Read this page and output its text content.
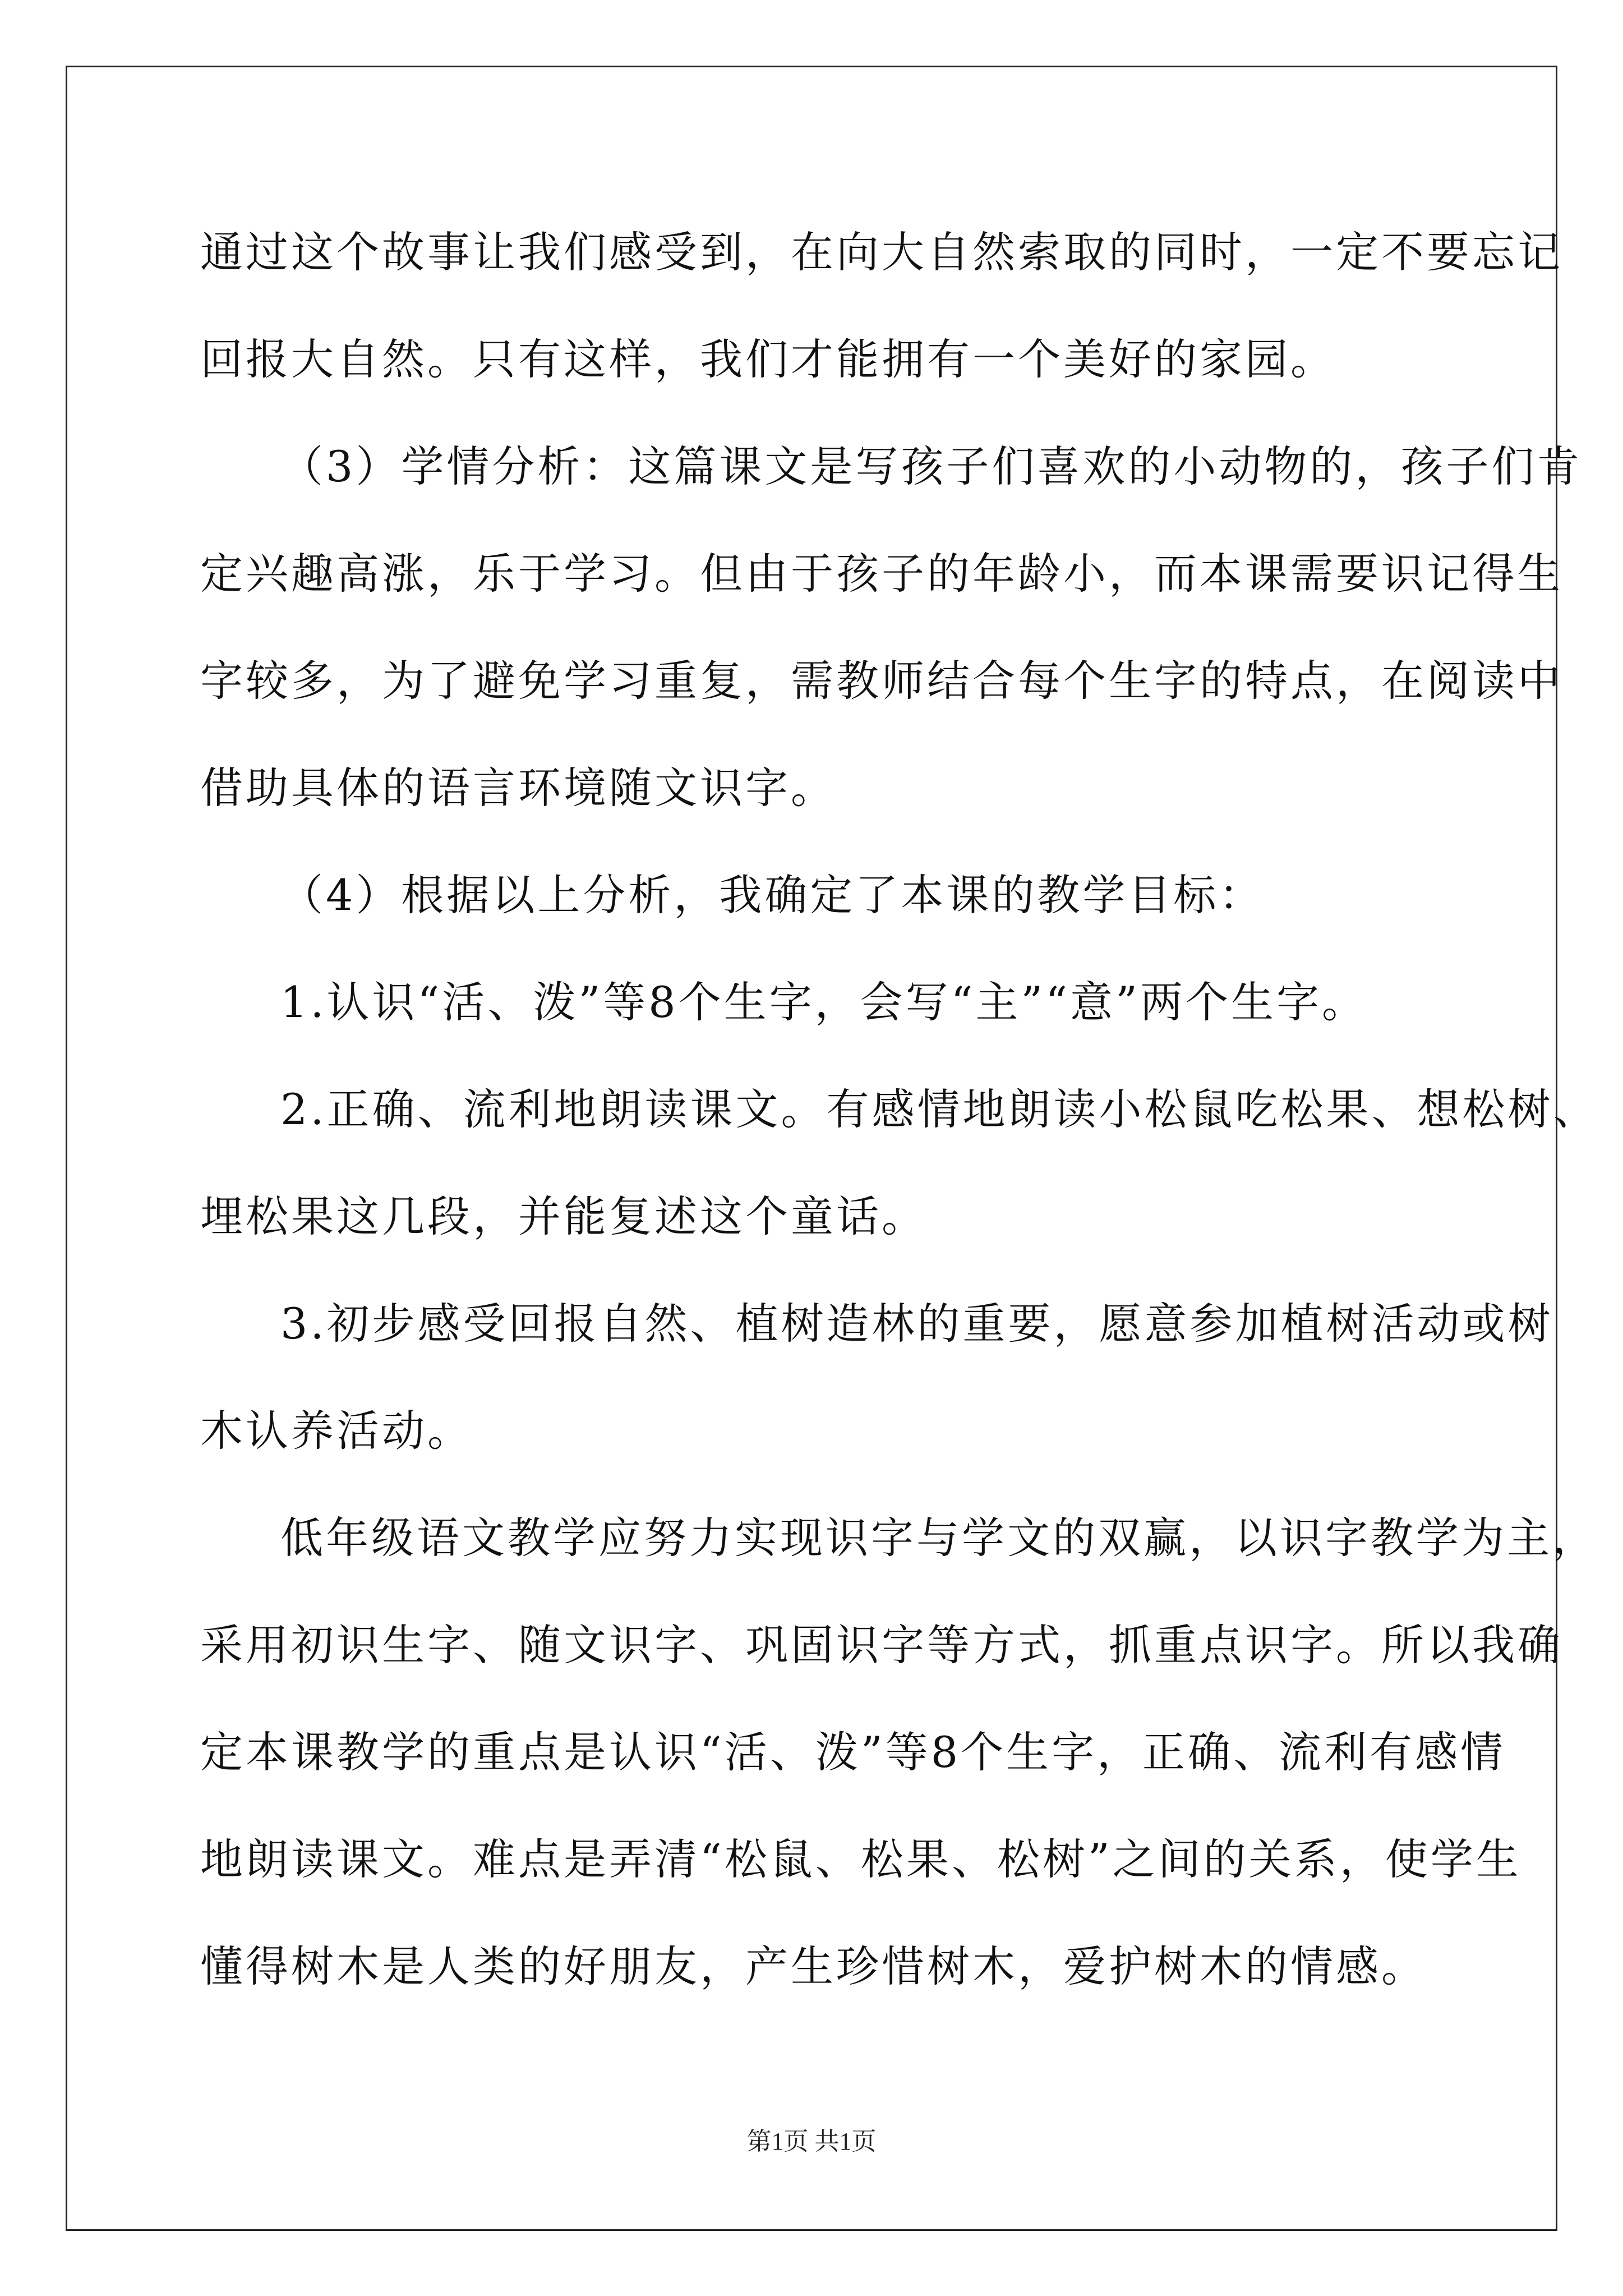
通过这个故事让我们感受到，在向大自然索取的同时，一定不要忘记
回报大自然。只有这样，我们才能拥有一个美好的家园。
（3）学情分析：这篇课文是写孩子们喜欢的小动物的，孩子们肯
定兴趣高涨，乐于学习。但由于孩子的年龄小，而本课需要识记得生
字较多，为了避免学习重复，需教师结合每个生字的特点，在阅读中
借助具体的语言环境随文识字。
（4）根据以上分析，我确定了本课的教学目标：
1.认识“活、泼”等8个生字，会写“主”“意”两个生字。
2.正确、流利地朗读课文。有感情地朗读小松鼠吃松果、想松树、
埋松果这几段，并能复述这个童话。
3.初步感受回报自然、植树造林的重要，愿意参加植树活动或树
木认养活动。
低年级语文教学应努力实现识字与学文的双赢，以识字教学为主，
采用初识生字、随文识字、巩固识字等方式，抓重点识字。所以我确
定本课教学的重点是认识“活、泼”等8个生字，正确、流利有感情
地朗读课文。难点是弄清“松鼠、松果、松树”之间的关系，使学生
懂得树木是人类的好朋友，产生珍惜树木，爱护树木的情感。
第1页 共1页
